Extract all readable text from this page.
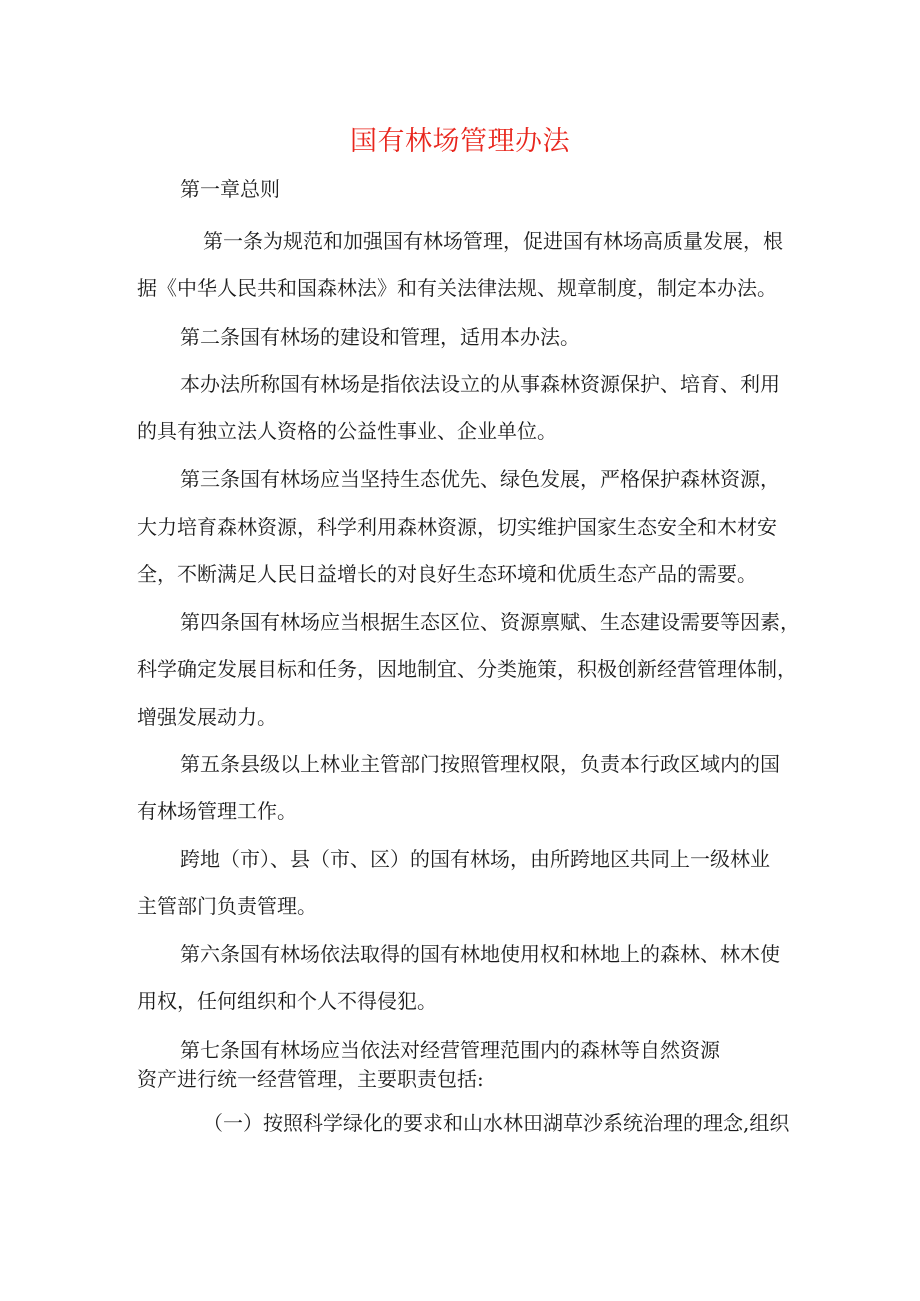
国有林场管理办法

第一章总则

第一条为规范和加强国有林场管理，促进国有林场高质量发展，根

据《中华人民共和国森林法》和有关法律法规、规章制度，制定本办法。

第二条国有林场的建设和管理，适用本办法。

本办法所称国有林场是指依法设立的从事森林资源保护、培育、利用

的具有独立法人资格的公益性事业、企业单位。

第三条国有林场应当坚持生态优先、绿色发展，严格保护森林资源，

大力培育森林资源，科学利用森林资源，切实维护国家生态安全和木材安

全，不断满足人民日益增长的对良好生态环境和优质生态产品的需要。

第四条国有林场应当根据生态区位、资源禀赋、生态建设需要等因素，

科学确定发展目标和任务，因地制宜、分类施策，积极创新经营管理体制，

增强发展动力。

第五条县级以上林业主管部门按照管理权限，负责本行政区域内的国

有林场管理工作。

跨地（市）、县（市、区）的国有林场，由所跨地区共同上一级林业

主管部门负责管理。

第六条国有林场依法取得的国有林地使用权和林地上的森林、林木使

用权，任何组织和个人不得侵犯。

第七条国有林场应当依法对经营管理范围内的森林等自然资源

资产进行统一经营管理，主要职责包括:

（一）按照科学绿化的要求和山水林田湖草沙系统治理的理念,组织
